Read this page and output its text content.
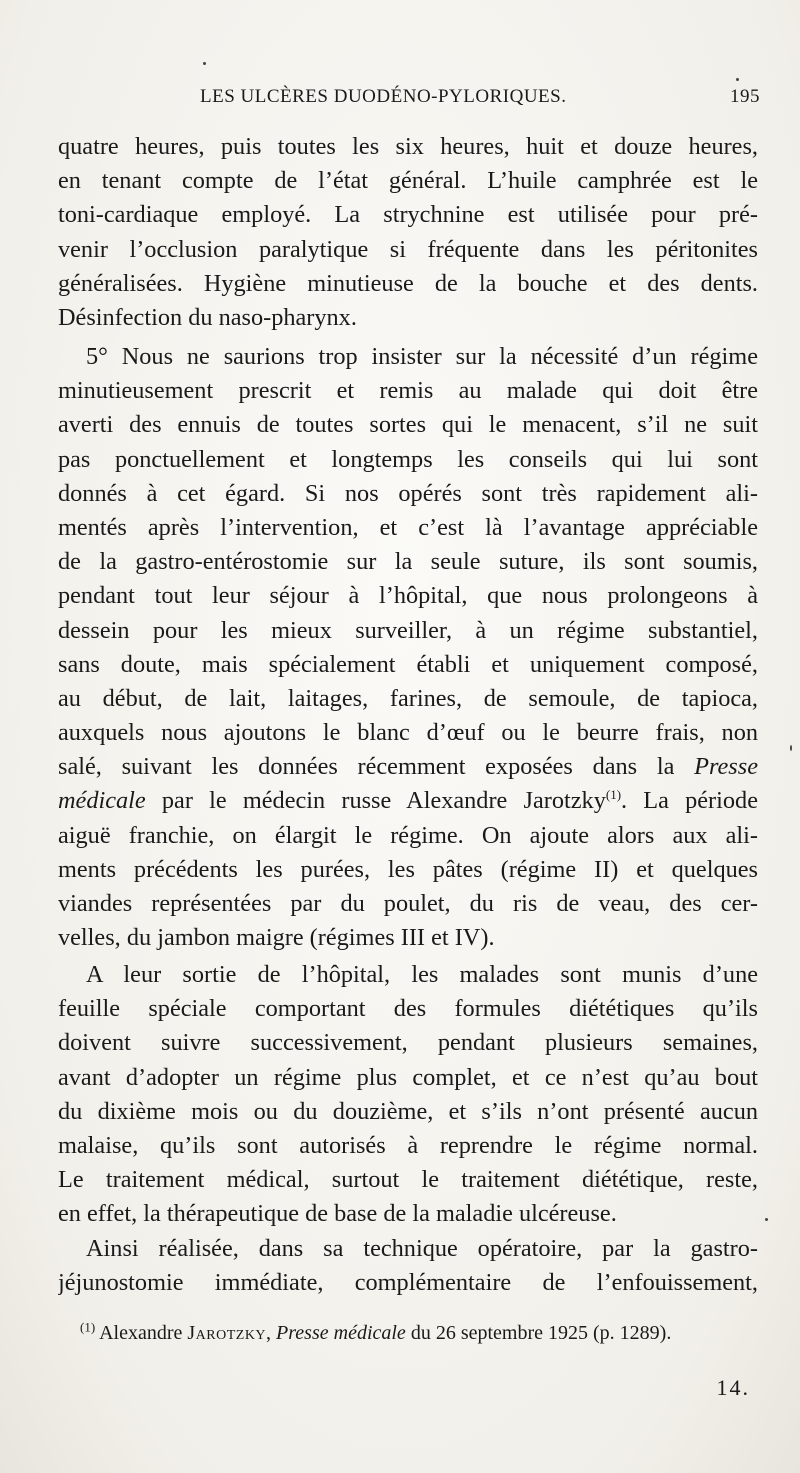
LES ULCÈRES DUODÉNO-PYLORIQUES.	195
quatre heures, puis toutes les six heures, huit et douze heures,
en tenant compte de l’état général. L’huile camphrée est le
toni-cardiaque employé. La strychnine est utilisée pour pré-
venir l’occlusion paralytique si fréquente dans les péritonites
généralisées. Hygiène minutieuse de la bouche et des dents.
Désinfection du naso-pharynx.
5° Nous ne saurions trop insister sur la nécessité d’un régime
minutieusement prescrit et remis au malade qui doit être
averti des ennuis de toutes sortes qui le menacent, s’il ne suit
pas ponctuellement et longtemps les conseils qui lui sont
donnés à cet égard. Si nos opérés sont très rapidement ali-
mentés après l’intervention, et c’est là l’avantage appréciable
de la gastro-entérostomie sur la seule suture, ils sont soumis,
pendant tout leur séjour à l’hôpital, que nous prolongeons à
dessein pour les mieux surveiller, à un régime substantiel,
sans doute, mais spécialement établi et uniquement composé,
au début, de lait, laitages, farines, de semoule, de tapioca,
auxquels nous ajoutons le blanc d’œuf ou le beurre frais, non
salé, suivant les données récemment exposées dans la Presse
médicale par le médecin russe Alexandre Jarotzky$^{(1)}$. La période
aiguë franchie, on élargit le régime. On ajoute alors aux ali-
ments précédents les purées, les pâtes (régime II) et quelques
viandes représentées par du poulet, du ris de veau, des cer-
velles, du jambon maigre (régimes III et IV).
A leur sortie de l’hôpital, les malades sont munis d’une
feuille spéciale comportant des formules diététiques qu’ils
doivent suivre successivement, pendant plusieurs semaines,
avant d’adopter un régime plus complet, et ce n’est qu’au bout
du dixième mois ou du douzième, et s’ils n’ont présenté aucun
malaise, qu’ils sont autorisés à reprendre le régime normal.
Le traitement médical, surtout le traitement diététique, reste,
en effet, la thérapeutique de base de la maladie ulcéreuse.
Ainsi réalisée, dans sa technique opératoire, par la gastro-
jéjunostomie immédiate, complémentaire de l’enfouissement,
$^{(1)}$ Alexandre Jarotzky, Presse médicale du 26 septembre 1925 (p. 1289).
14.
